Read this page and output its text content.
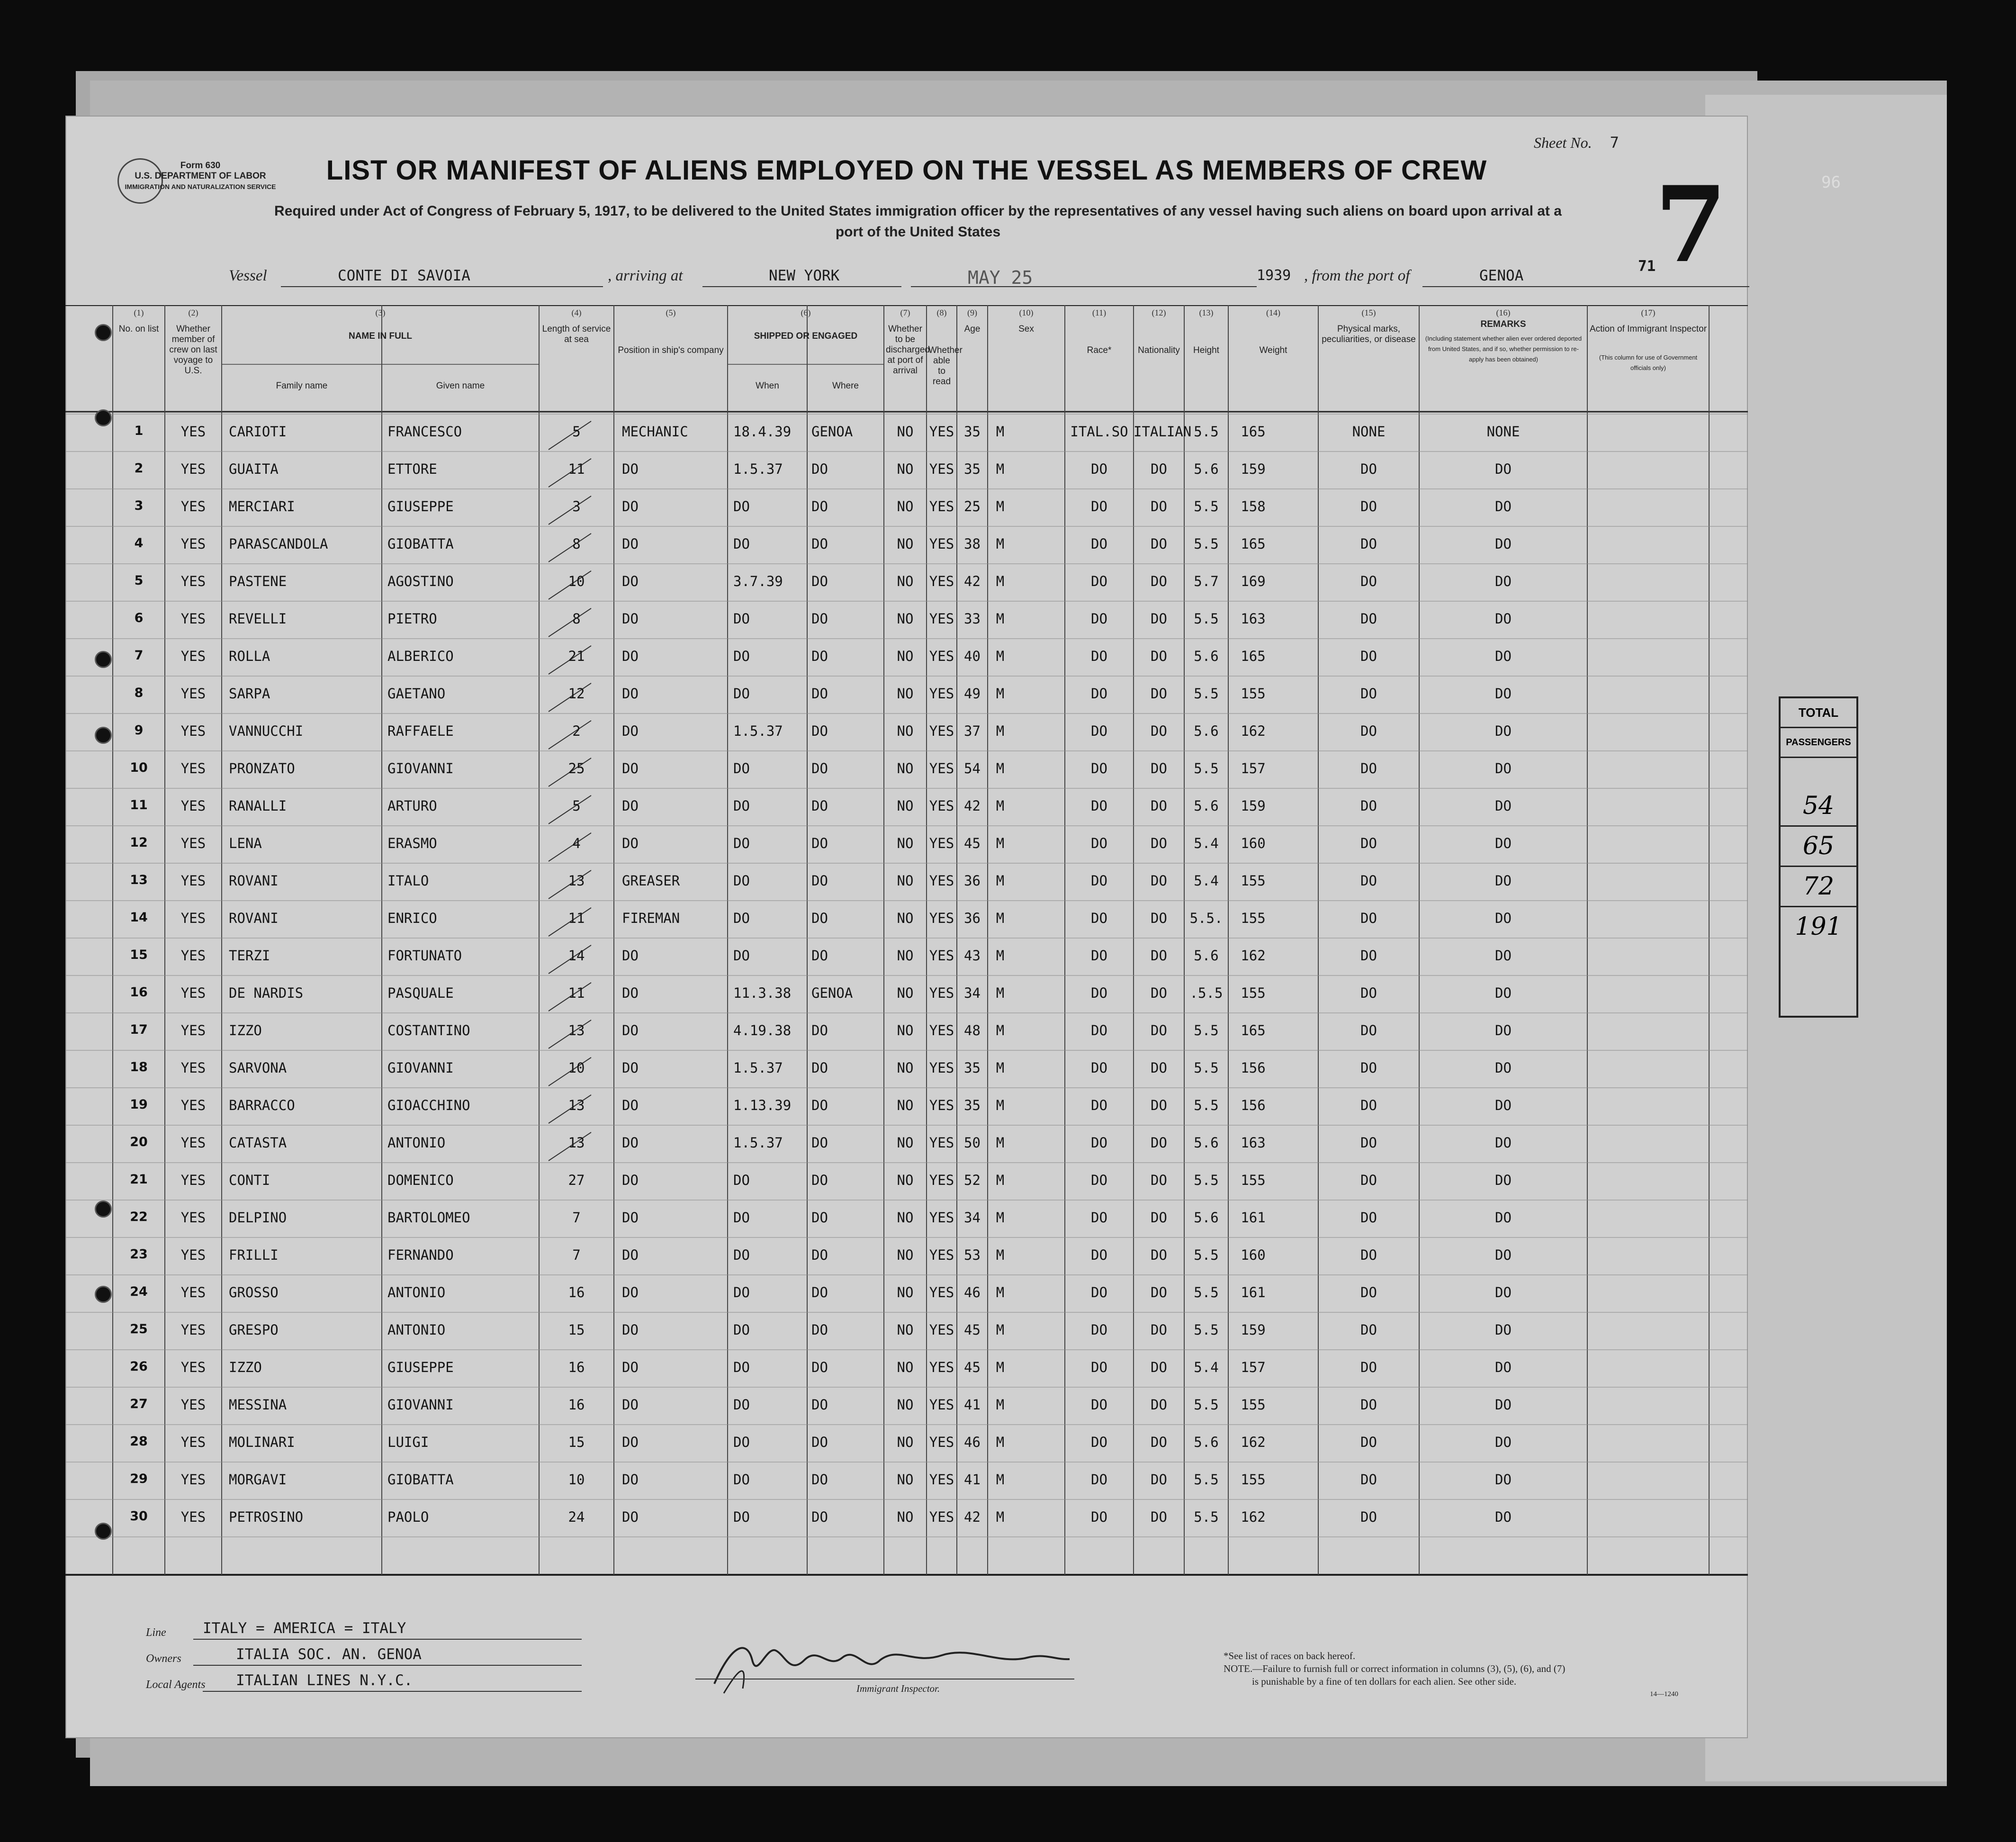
96
TOTAL
PASSENGERS
54
65
72
191
Form 630
U.S. DEPARTMENT OF LABOR
IMMIGRATION AND NATURALIZATION SERVICE
Sheet No. 7
LIST OR MANIFEST OF ALIENS EMPLOYED ON THE VESSEL AS MEMBERS OF CREW
Required under Act of Congress of February 5, 1917, to be delivered to the United States immigration officer by the representatives of any vessel having such aliens on board upon arrival at a
port of the United States	7
Vessel	CONTE DI SAVOIA	, arriving at	NEW YORK	MAY 25	1939 , from the port of	GENOA
71
(1)
No. on list
(2)
Whether member of crew on last voyage to U.S.
(3)
NAME IN FULL
(4)
Length of service at sea
(5)
Position in ship's company
(6)
SHIPPED OR ENGAGED
(7)
Whether to be discharged at port of arrival
(8)
Whether able to read
(9)
Age
(10)
Sex
(11)
Race*
(12)
Nationality
(13)
Height
(14)
Weight
(15)
Physical marks, peculiarities, or disease
(16)
REMARKS
(17)
Action of Immigrant Inspector
Family name	Given name	When	Where
(Including statement whether alien ever ordered deported from United States, and if so, whether permission to re-apply has been obtained)	(This column for use of Government officials only)
1	YES	CARIOTI	FRANCESCO	5	MECHANIC	18.4.39 GENOA	NO	YES 35	M	ITAL.SO ITALIAN 5.5	165	NONE	NONE
2	YES	GUAITA	ETTORE	11	DO	1.5.37 DO	NO	YES 35	M	DO	DO	5.6	159	DO	DO
3	YES	MERCIARI	GIUSEPPE	3	DO	DO	DO	NO	YES 25	M	DO	DO	5.5	158	DO	DO
4	YES	PARASCANDOLA	GIOBATTA	8	DO	DO	DO	NO	YES 38	M	DO	DO	5.5	165	DO	DO
5	YES	PASTENE	AGOSTINO	10	DO	3.7.39 DO	NO	YES 42	M	DO	DO	5.7	169	DO	DO
6	YES	REVELLI	PIETRO	8	DO	DO	DO	NO	YES 33	M	DO	DO	5.5	163	DO	DO
7	YES	ROLLA	ALBERICO	21	DO	DO	DO	NO	YES 40	M	DO	DO	5.6	165	DO	DO
8	YES	SARPA	GAETANO	12	DO	DO	DO	NO	YES 49	M	DO	DO	5.5	155	DO	DO
9	YES	VANNUCCHI	RAFFAELE	2	DO	1.5.37 DO	NO	YES 37	M	DO	DO	5.6	162	DO	DO
10	YES	PRONZATO	GIOVANNI	25	DO	DO	DO	NO	YES 54	M	DO	DO	5.5	157	DO	DO
11	YES	RANALLI	ARTURO	5	DO	DO	DO	NO	YES 42	M	DO	DO	5.6	159	DO	DO
12	YES	LENA	ERASMO	4	DO	DO	DO	NO	YES 45	M	DO	DO	5.4	160	DO	DO
13	YES	ROVANI	ITALO	13	GREASER	DO	DO	NO	YES 36	M	DO	DO	5.4	155	DO	DO
14	YES	ROVANI	ENRICO	11	FIREMAN	DO	DO	NO	YES 36	M	DO	DO	5.5.	155	DO	DO
15	YES	TERZI	FORTUNATO	14	DO	DO	DO	NO	YES 43	M	DO	DO	5.6	162	DO	DO
16	YES	DE NARDIS	PASQUALE	11	DO	11.3.38 GENOA	NO	YES 34	M	DO	DO	.5.5	155	DO	DO
17	YES	IZZO	COSTANTINO	13	DO	4.19.38 DO	NO	YES 48	M	DO	DO	5.5	165	DO	DO
18	YES	SARVONA	GIOVANNI	10	DO	1.5.37 DO	NO	YES 35	M	DO	DO	5.5	156	DO	DO
19	YES	BARRACCO	GIOACCHINO	13	DO	1.13.39 DO	NO	YES 35	M	DO	DO	5.5	156	DO	DO
20	YES	CATASTA	ANTONIO	13	DO	1.5.37 DO	NO	YES 50	M	DO	DO	5.6	163	DO	DO
21	YES	CONTI	DOMENICO	27	DO	DO	DO	NO	YES 52	M	DO	DO	5.5	155	DO	DO
22	YES	DELPINO	BARTOLOMEO	7	DO	DO	DO	NO	YES 34	M	DO	DO	5.6	161	DO	DO
23	YES	FRILLI	FERNANDO	7	DO	DO	DO	NO	YES 53	M	DO	DO	5.5	160	DO	DO
24	YES	GROSSO	ANTONIO	16	DO	DO	DO	NO	YES 46	M	DO	DO	5.5	161	DO	DO
25	YES	GRESPO	ANTONIO	15	DO	DO	DO	NO	YES 45	M	DO	DO	5.5	159	DO	DO
26	YES	IZZO	GIUSEPPE	16	DO	DO	DO	NO	YES 45	M	DO	DO	5.4	157	DO	DO
27	YES	MESSINA	GIOVANNI	16	DO	DO	DO	NO	YES 41	M	DO	DO	5.5	155	DO	DO
28	YES	MOLINARI	LUIGI	15	DO	DO	DO	NO	YES 46	M	DO	DO	5.6	162	DO	DO
29	YES	MORGAVI	GIOBATTA	10	DO	DO	DO	NO	YES 41	M	DO	DO	5.5	155	DO	DO
30	YES	PETROSINO	PAOLO	24	DO	DO	DO	NO	YES 42	M	DO	DO	5.5	162	DO	DO
Line ITALY = AMERICA = ITALY
Owners	ITALIA SOC. AN. GENOA
Local Agents ITALIAN LINES N.Y.C.	Immigrant Inspector.
*See list of races on back hereof.
NOTE.—Failure to furnish full or correct information in columns (3), (5), (6), and (7)
is punishable by a fine of ten dollars for each alien. See other side.
14—1240
